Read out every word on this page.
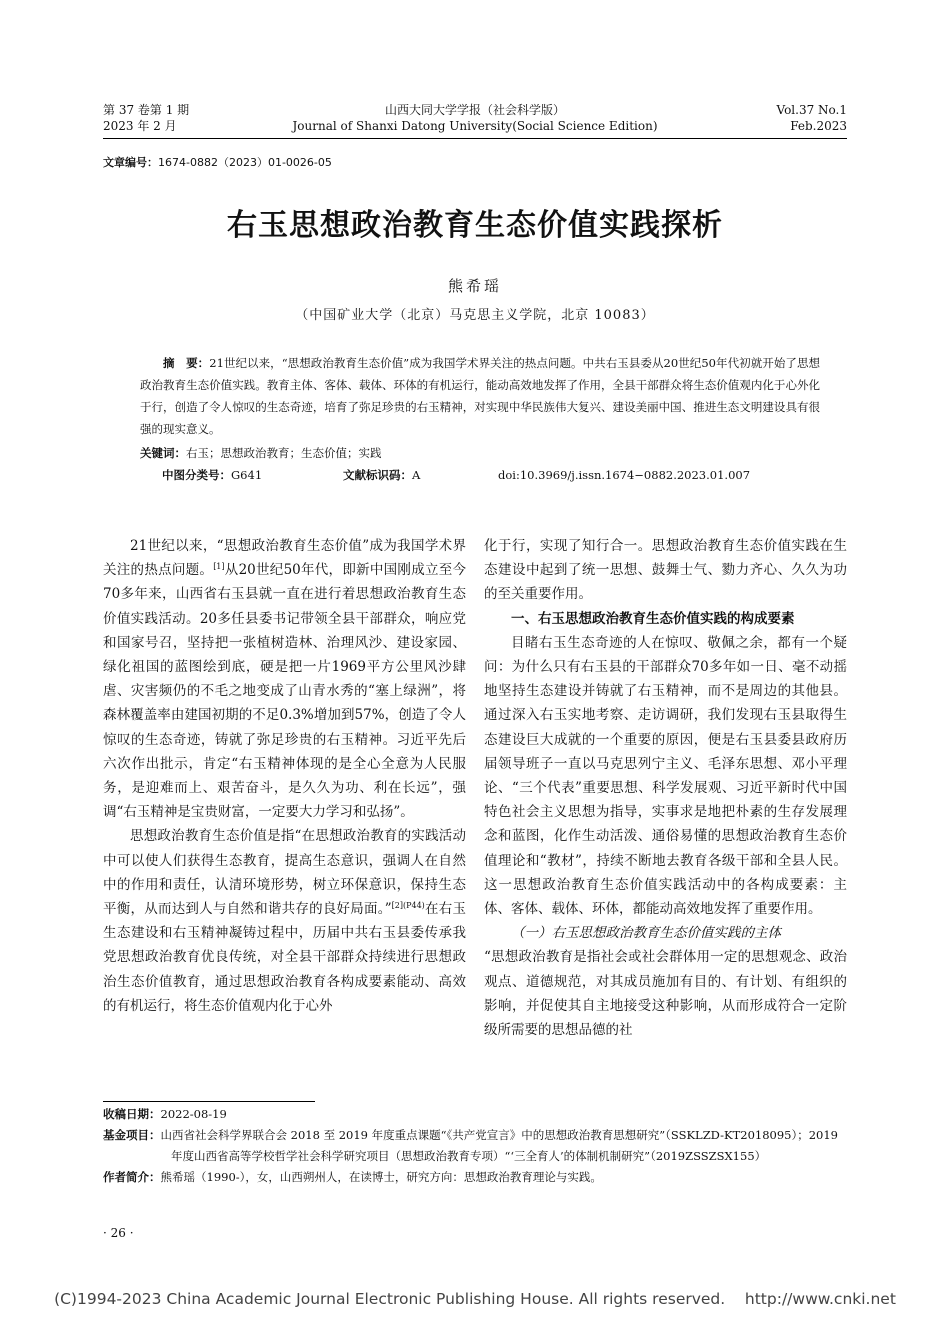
第 37 卷第 1 期
2023 年 2 月
山西大同大学学报（社会科学版）
Journal of Shanxi Datong University(Social Science Edition)
Vol.37 No.1
Feb.2023
文章编号：1674-0882（2023）01-0026-05
右玉思想政治教育生态价值实践探析
熊希瑶
（中国矿业大学（北京）马克思主义学院，北京 10083）
摘　要：21世纪以来，“思想政治教育生态价值”成为我国学术界关注的热点问题。中共右玉县委从20世纪50年代初就开始了思想政治教育生态价值实践。教育主体、客体、载体、环体的有机运行，能动高效地发挥了作用，全县干部群众将生态价值观内化于心外化于行，创造了令人惊叹的生态奇迹，培育了弥足珍贵的右玉精神，对实现中华民族伟大复兴、建设美丽中国、推进生态文明建设具有很强的现实意义。
关键词：右玉；思想政治教育；生态价值；实践
中图分类号：G641	文献标识码：A	doi:10.3969/j.issn.1674−0882.2023.01.007

21世纪以来，“思想政治教育生态价值”成为我国学术界关注的热点问题。[1]从20世纪50年代，即新中国刚成立至今70多年来，山西省右玉县就一直在进行着思想政治教育生态价值实践活动。20多任县委书记带领全县干部群众，响应党和国家号召，坚持把一张植树造林、治理风沙、建设家园、绿化祖国的蓝图绘到底，硬是把一片1969平方公里风沙肆虐、灾害频仍的不毛之地变成了山青水秀的“塞上绿洲”，将森林覆盖率由建国初期的不足0.3%增加到57%，创造了令人惊叹的生态奇迹，铸就了弥足珍贵的右玉精神。习近平先后六次作出批示，肯定“右玉精神体现的是全心全意为人民服务，是迎难而上、艰苦奋斗，是久久为功、利在长远”，强调“右玉精神是宝贵财富，一定要大力学习和弘扬”。

思想政治教育生态价值是指“在思想政治教育的实践活动中可以使人们获得生态教育，提高生态意识，强调人在自然中的作用和责任，认清环境形势，树立环保意识，保持生态平衡，从而达到人与自然和谐共存的良好局面。”$^{[2](P44)}$在右玉生态建设和右玉精神凝铸过程中，历届中共右玉县委传承我党思想政治教育优良传统，对全县干部群众持续进行思想政治生态价值教育，通过思想政治教育各构成要素能动、高效的有机运行，将生态价值观内化于心外

化于行，实现了知行合一。思想政治教育生态价值实践在生态建设中起到了统一思想、鼓舞士气、勠力齐心、久久为功的至关重要作用。

一、右玉思想政治教育生态价值实践的构成要素

目睹右玉生态奇迹的人在惊叹、敬佩之余，都有一个疑问：为什么只有右玉县的干部群众70多年如一日、毫不动摇地坚持生态建设并铸就了右玉精神，而不是周边的其他县。通过深入右玉实地考察、走访调研，我们发现右玉县取得生态建设巨大成就的一个重要的原因，便是右玉县委县政府历届领导班子一直以马克思列宁主义、毛泽东思想、邓小平理论、“三个代表”重要思想、科学发展观、习近平新时代中国特色社会主义思想为指导，实事求是地把朴素的生存发展理念和蓝图，化作生动活泼、通俗易懂的思想政治教育生态价值理论和“教材”，持续不断地去教育各级干部和全县人民。这一思想政治教育生态价值实践活动中的各构成要素：主体、客体、载体、环体，都能动高效地发挥了重要作用。

（一）右玉思想政治教育生态价值实践的主体

“思想政治教育是指社会或社会群体用一定的思想观念、政治观点、道德规范，对其成员施加有目的、有计划、有组织的影响，并促使其自主地接受这种影响，从而形成符合一定阶级所需要的思想品德的社

收稿日期：2022-08-19
基金项目：山西省社会科学界联合会 2018 至 2019 年度重点课题“《共产党宣言》中的思想政治教育思想研究”（SSKLZD-KT2018095）；2019 年度山西省高等学校哲学社会科学研究项目（思想政治教育专项）“‘三全育人’的体制机制研究”（2019ZSSZSX155）
作者简介：熊希瑶（1990-），女，山西朔州人，在读博士，研究方向：思想政治教育理论与实践。
· 26 ·
(C)1994-2023 China Academic Journal Electronic Publishing House. All rights reserved.    http://www.cnki.net
